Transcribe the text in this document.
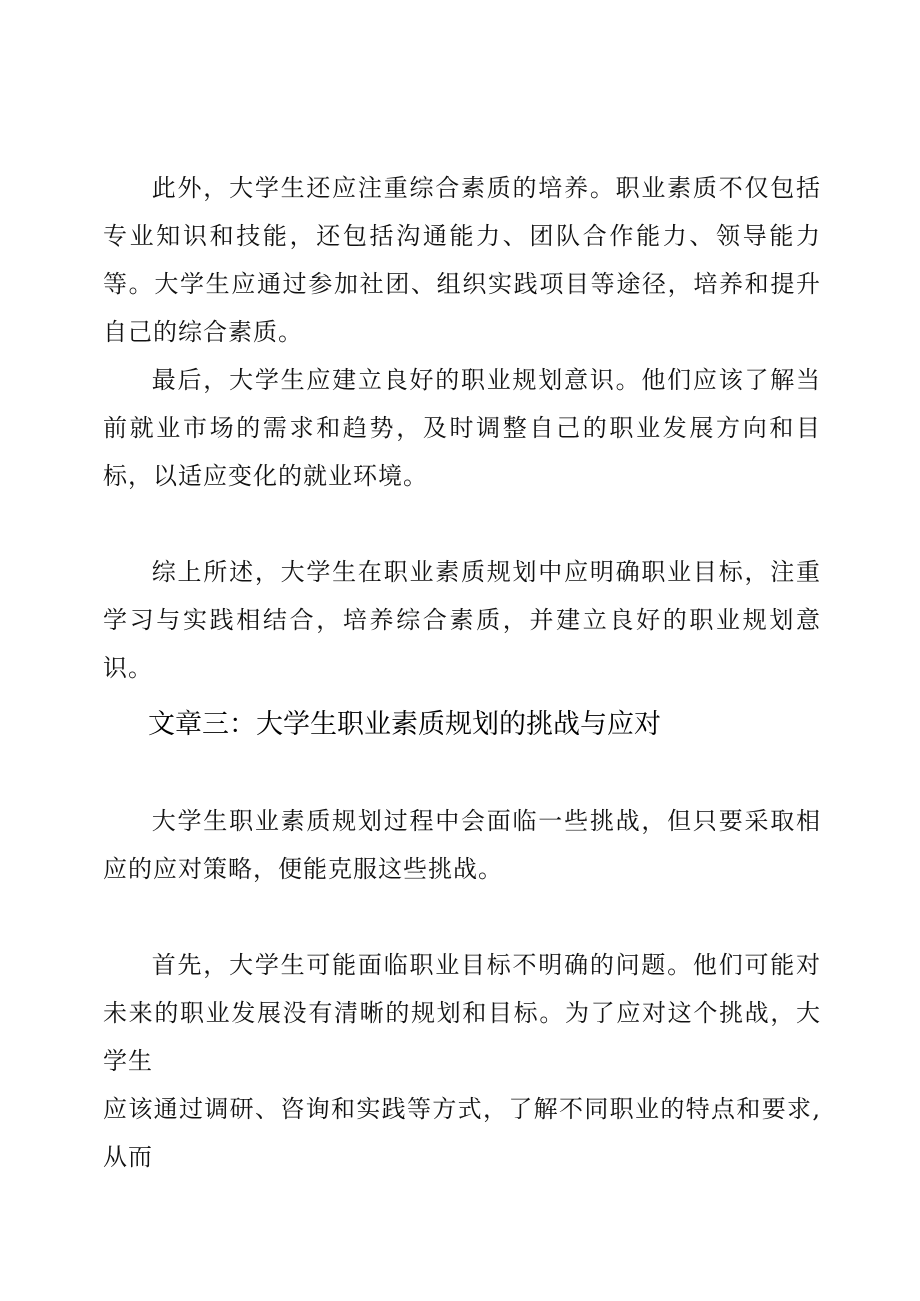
此外，大学生还应注重综合素质的培养。职业素质不仅包括专业知识和技能，还包括沟通能力、团队合作能力、领导能力等。大学生应通过参加社团、组织实践项目等途径，培养和提升自己的综合素质。

最后，大学生应建立良好的职业规划意识。他们应该了解当前就业市场的需求和趋势，及时调整自己的职业发展方向和目标，以适应变化的就业环境。

综上所述，大学生在职业素质规划中应明确职业目标，注重学习与实践相结合，培养综合素质，并建立良好的职业规划意识。

文章三：大学生职业素质规划的挑战与应对

大学生职业素质规划过程中会面临一些挑战，但只要采取相应的应对策略，便能克服这些挑战。

首先，大学生可能面临职业目标不明确的问题。他们可能对未来的职业发展没有清晰的规划和目标。为了应对这个挑战，大学生

应该通过调研、咨询和实践等方式，了解不同职业的特点和要求,从而
